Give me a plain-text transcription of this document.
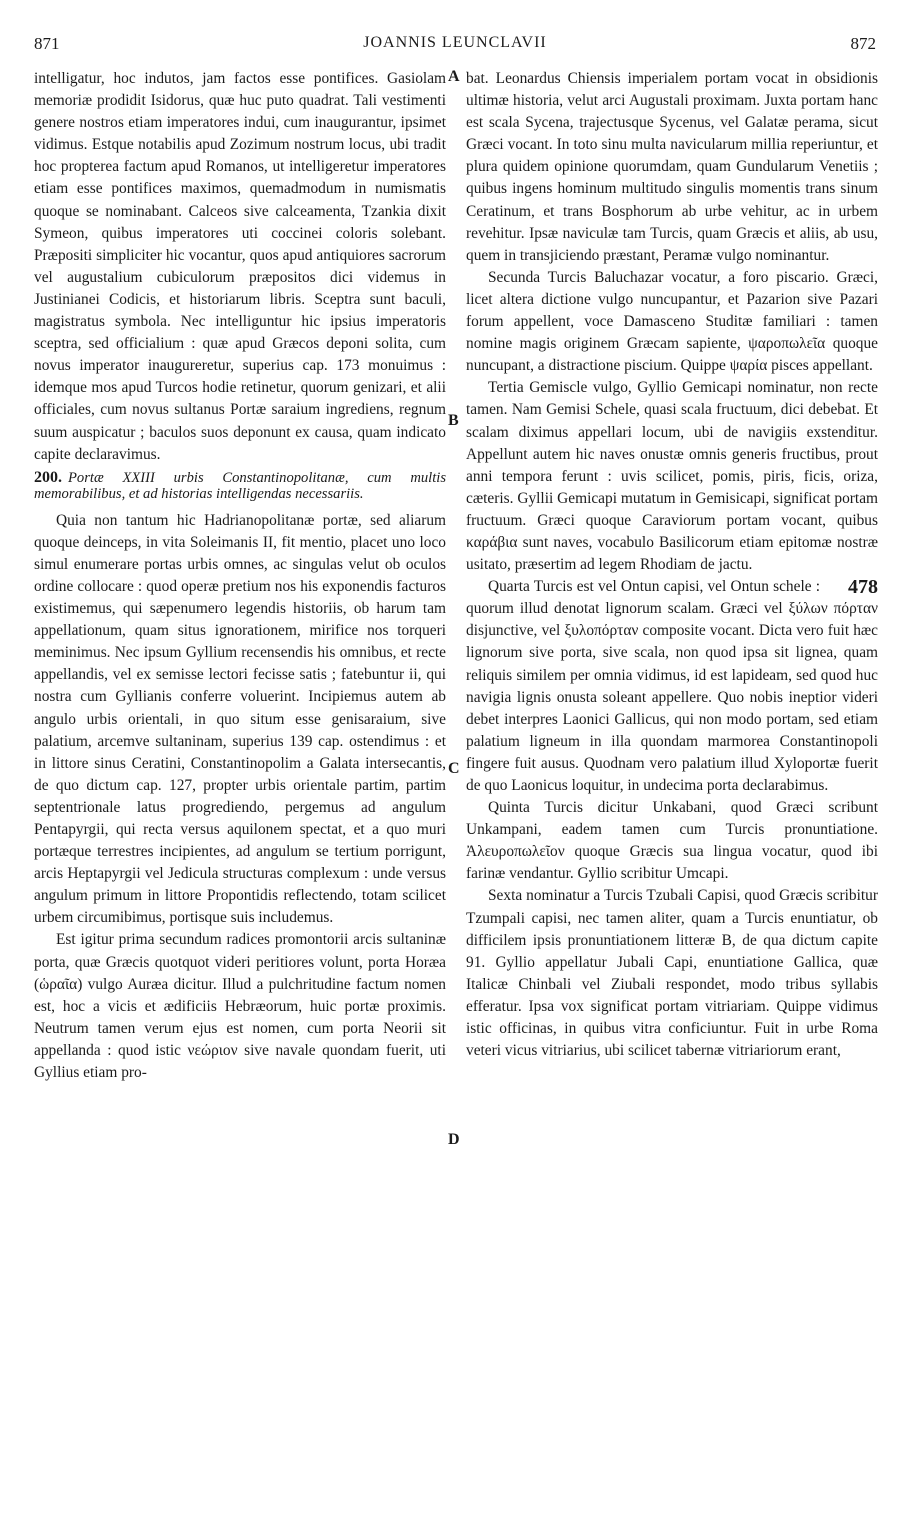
871	JOANNIS LEUNCLAVII	872
A
B
C
D

intelligatur, hoc indutos, jam factos esse pontifices. Gasiolam memoriæ prodidit Isidorus, quæ huc puto quadrat. Tali vestimenti genere nostros etiam imperatores indui, cum inaugurantur, ipsimet vidimus. Estque notabilis apud Zozimum nostrum locus, ubi tradit hoc propterea factum apud Romanos, ut intelligeretur imperatores etiam esse pontifices maximos, quemadmodum in numismatis quoque se nominabant. Calceos sive calceamenta, Tzankia dixit Symeon, quibus imperatores uti coccinei coloris solebant. Præpositi simpliciter hic vocantur, quos apud antiquiores sacrorum vel augustalium cubiculorum præpositos dici videmus in Justinianei Codicis, et historiarum libris. Sceptra sunt baculi, magistratus symbola. Nec intelliguntur hic ipsius imperatoris sceptra, sed officialium : quæ apud Græcos deponi solita, cum novus imperator inaugureretur, superius cap. 173 monuimus : idemque mos apud Turcos hodie retinetur, quorum genizari, et alii officiales, cum novus sultanus Portæ saraium ingrediens, regnum suum auspicatur ; baculos suos deponunt ex causa, quam indicato capite declaravimus.

200. Portæ XXIII urbis Constantinopolitanæ, cum multis memorabilibus, et ad historias intelligendas necessariis.

Quia non tantum hic Hadrianopolitanæ portæ, sed aliarum quoque deinceps, in vita Soleimanis II, fit mentio, placet uno loco simul enumerare portas urbis omnes, ac singulas velut ob oculos ordine collocare : quod operæ pretium nos his exponendis facturos existimemus, qui sæpenumero legendis historiis, ob harum tam appellationum, quam situs ignorationem, mirifice nos torqueri meminimus. Nec ipsum Gyllium recensendis his omnibus, et recte appellandis, vel ex semisse lectori fecisse satis ; fatebuntur ii, qui nostra cum Gyllianis conferre voluerint. Incipiemus autem ab angulo urbis orientali, in quo situm esse genisaraium, sive palatium, arcemve sultaninam, superius 139 cap. ostendimus : et in littore sinus Ceratini, Constantinopolim a Galata intersecantis, de quo dictum cap. 127, propter urbis orientale partim, partim septentrionale latus progrediendo, pergemus ad angulum Pentapyrgii, qui recta versus aquilonem spectat, et a quo muri portæque terrestres incipientes, ad angulum se tertium porrigunt, arcis Heptapyrgii vel Jedicula structuras complexum : unde versus angulum primum in littore Propontidis reflectendo, totam scilicet urbem circumibimus, portisque suis includemus.

Est igitur prima secundum radices promontorii arcis sultaninæ porta, quæ Græcis quotquot videri peritiores volunt, porta Horæa (ὡραῖα) vulgo Auræa dicitur. Illud a pulchritudine factum nomen est, hoc a vicis et ædificiis Hebræorum, huic portæ proximis. Neutrum tamen verum ejus est nomen, cum porta Neorii sit appellanda : quod istic νεώριον sive navale quondam fuerit, uti Gyllius etiam pro-

bat. Leonardus Chiensis imperialem portam vocat in obsidionis ultimæ historia, velut arci Augustali proximam. Juxta portam hanc est scala Sycena, trajectusque Sycenus, vel Galatæ perama, sicut Græci vocant. In toto sinu multa navicularum millia reperiuntur, et plura quidem opinione quorumdam, quam Gundularum Venetiis ; quibus ingens hominum multitudo singulis momentis trans sinum Ceratinum, et trans Bosphorum ab urbe vehitur, ac in urbem revehitur. Ipsæ naviculæ tam Turcis, quam Græcis et aliis, ab usu, quem in transjiciendo præstant, Peramæ vulgo nominantur.

Secunda Turcis Baluchazar vocatur, a foro piscario. Græci, licet altera dictione vulgo nuncupantur, et Pazarion sive Pazari forum appellent, voce Damasceno Studitæ familiari : tamen nomine magis originem Græcam sapiente, ψαροπωλεῖα quoque nuncupant, a distractione piscium. Quippe ψαρία pisces appellant.

Tertia Gemiscle vulgo, Gyllio Gemicapi nominatur, non recte tamen. Nam Gemisi Schele, quasi scala fructuum, dici debebat. Et scalam diximus appellari locum, ubi de navigiis exstenditur. Appellunt autem hic naves onustæ omnis generis fructibus, prout anni tempora ferunt : uvis scilicet, pomis, piris, ficis, oriza, cæteris. Gyllii Gemicapi mutatum in Gemisicapi, significat portam fructuum. Græci quoque Caraviorum portam vocant, quibus καράβια sunt naves, vocabulo Basilicorum etiam epitomæ nostræ usitato, præsertim ad legem Rhodiam de jactu.

478
Quarta Turcis est vel Ontun capisi, vel Ontun schele : quorum illud denotat lignorum scalam. Græci vel ξύλων πόρταν disjunctive, vel ξυλοπόρταν composite vocant. Dicta vero fuit hæc lignorum sive porta, sive scala, non quod ipsa sit lignea, quam reliquis similem per omnia vidimus, id est lapideam, sed quod huc navigia lignis onusta soleant appellere. Quo nobis ineptior videri debet interpres Laonici Gallicus, qui non modo portam, sed etiam palatium ligneum in illa quondam marmorea Constantinopoli fingere fuit ausus. Quodnam vero palatium illud Xyloportæ fuerit de quo Laonicus loquitur, in undecima porta declarabimus.

Quinta Turcis dicitur Unkabani, quod Græci scribunt Unkampani, eadem tamen cum Turcis pronuntiatione. Ἀλευροπωλεῖον quoque Græcis sua lingua vocatur, quod ibi farinæ vendantur. Gyllio scribitur Umcapi.

Sexta nominatur a Turcis Tzubali Capisi, quod Græcis scribitur Tzumpali capisi, nec tamen aliter, quam a Turcis enuntiatur, ob difficilem ipsis pronuntiationem litteræ B, de qua dictum capite 91. Gyllio appellatur Jubali Capi, enuntiatione Gallica, quæ Italicæ Chinbali vel Ziubali respondet, modo tribus syllabis efferatur. Ipsa vox significat portam vitriariam. Quippe vidimus istic officinas, in quibus vitra conficiuntur. Fuit in urbe Roma veteri vicus vitriarius, ubi scilicet tabernæ vitriariorum erant,
